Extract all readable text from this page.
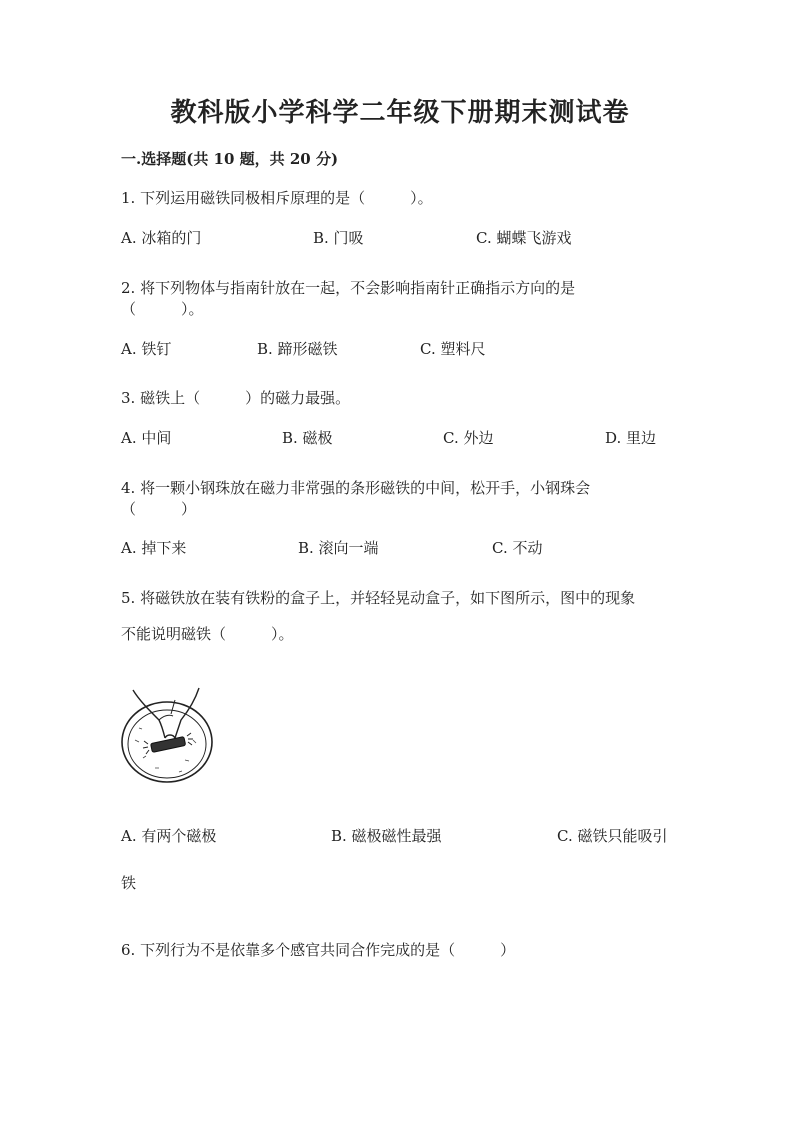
教科版小学科学二年级下册期末测试卷
一.选择题(共 10 题，共 20 分)
1. 下列运用磁铁同极相斥原理的是（　　　）。
A. 冰箱的门	B. 门吸	C. 蝴蝶飞游戏
2. 将下列物体与指南针放在一起，不会影响指南针正确指示方向的是
（　　　）。
A. 铁钉	B. 蹄形磁铁	C. 塑料尺
3. 磁铁上（　　　）的磁力最强。
A. 中间	B. 磁极	C. 外边	D. 里边
4. 将一颗小钢珠放在磁力非常强的条形磁铁的中间，松开手，小钢珠会
（　　　）
A. 掉下来	B. 滚向一端	C. 不动
5. 将磁铁放在装有铁粉的盒子上，并轻轻晃动盒子，如下图所示，图中的现象
不能说明磁铁（　　　）。
A. 有两个磁极	B. 磁极磁性最强	C. 磁铁只能吸引
铁
6. 下列行为不是依靠多个感官共同合作完成的是（　　　）
